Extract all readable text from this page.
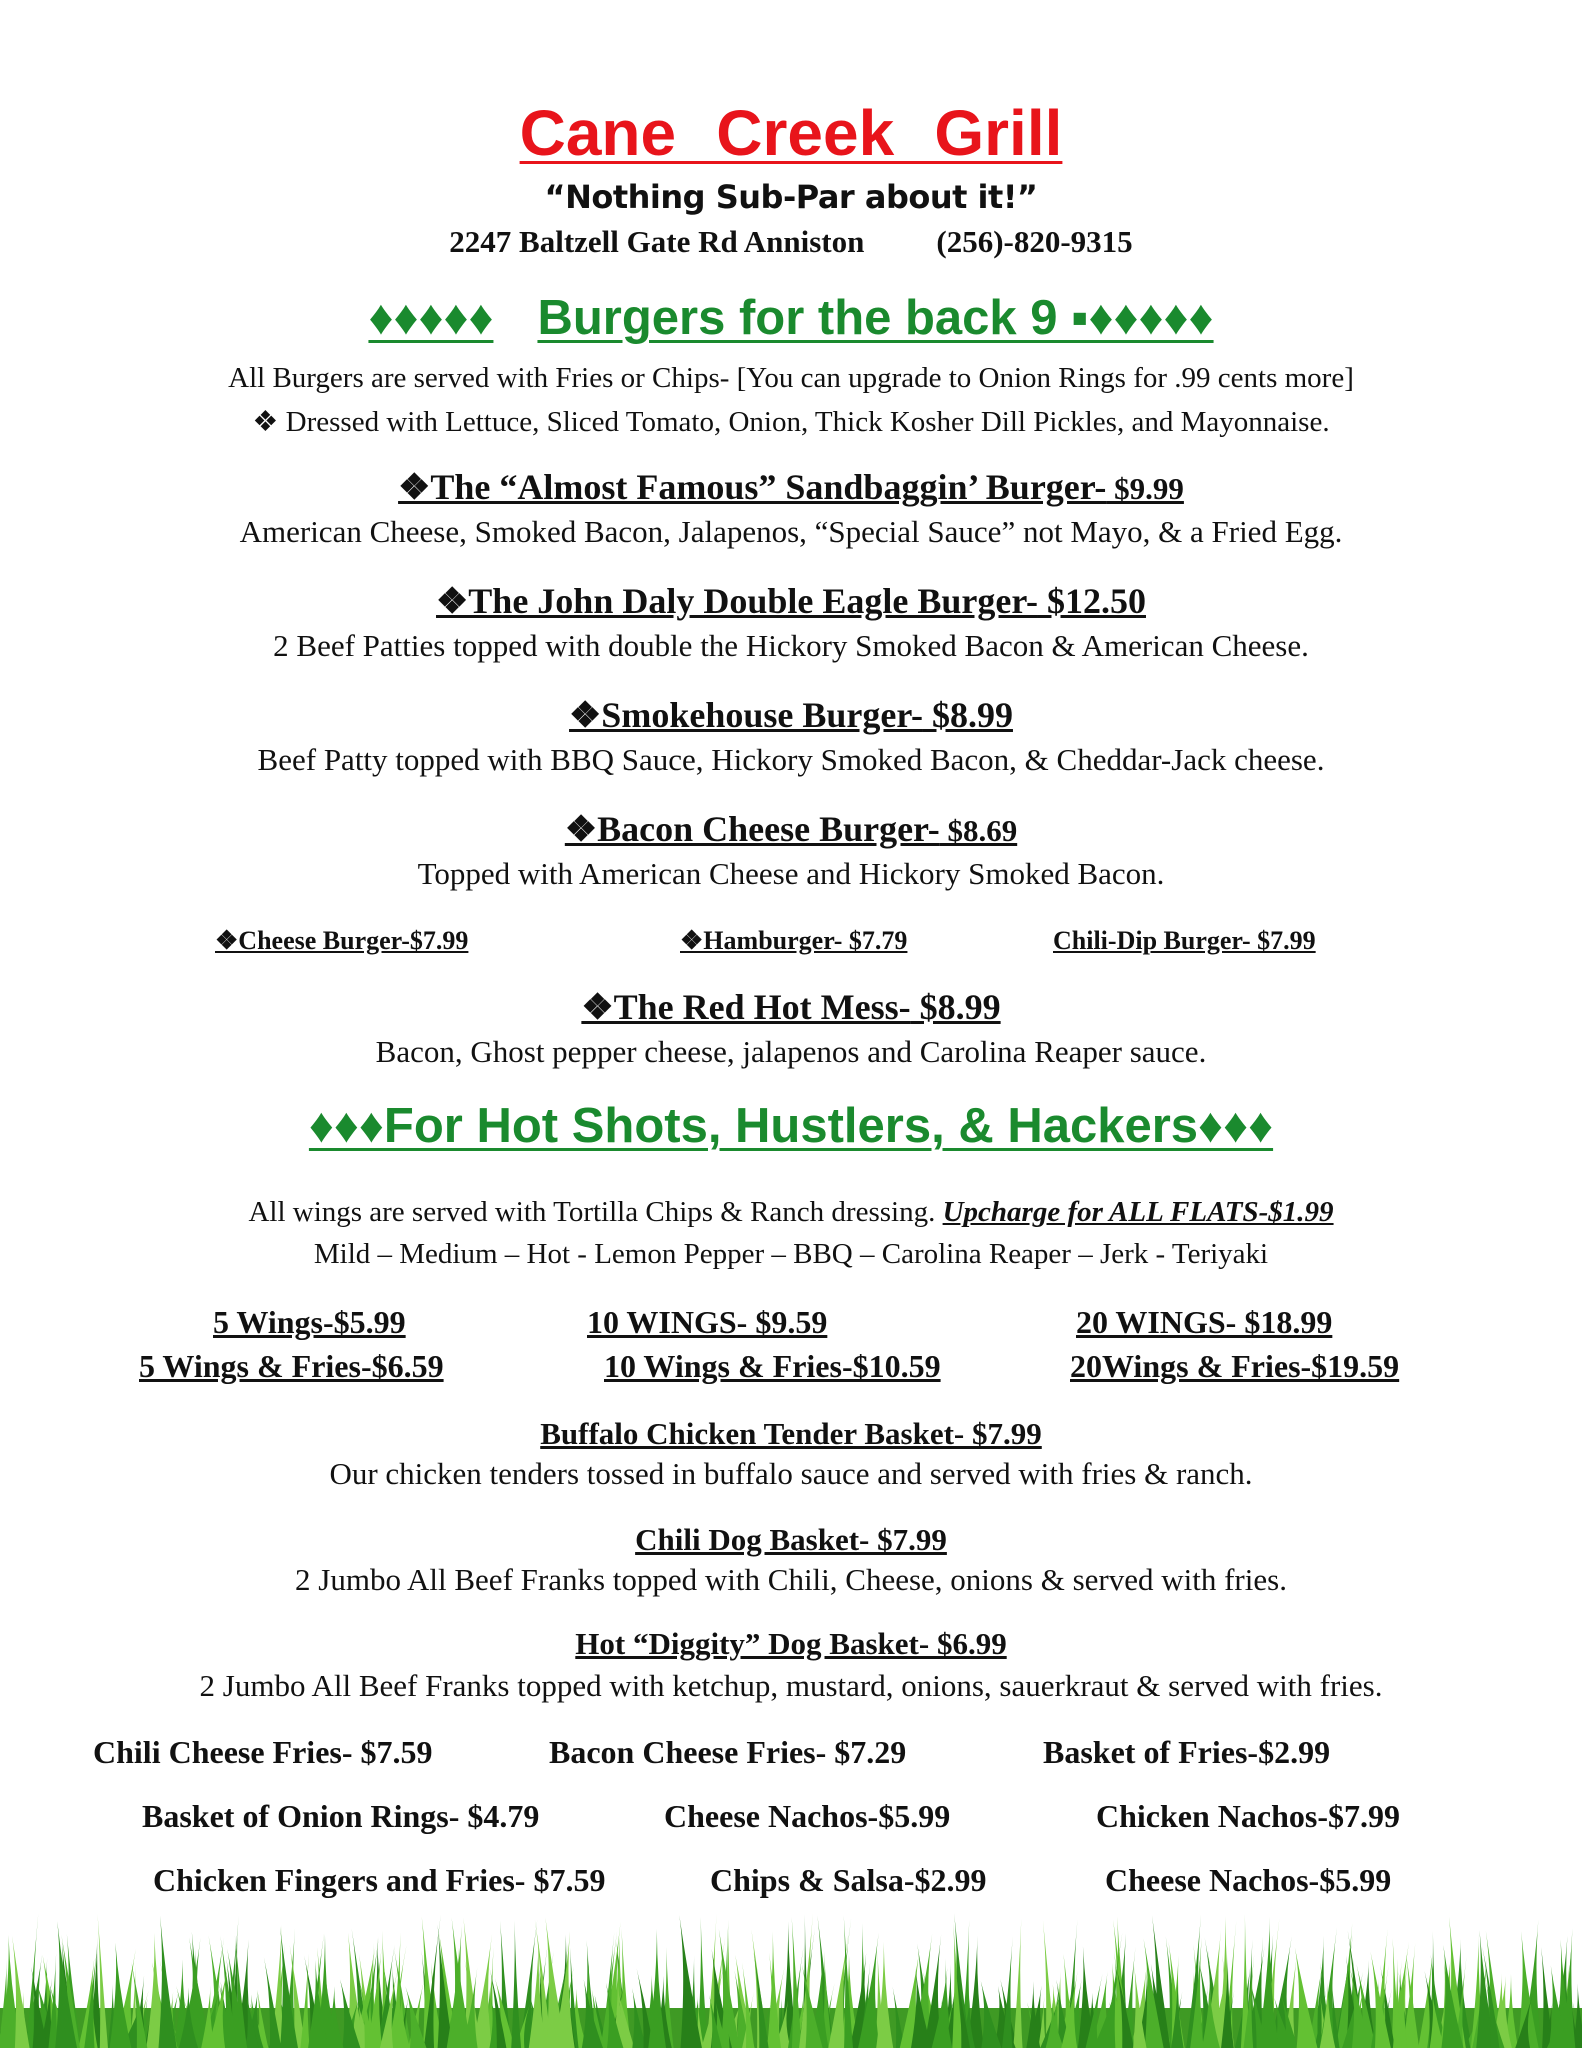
Cane Creek Grill
“Nothing Sub-Par about it!”
2247 Baltzell Gate Rd Anniston (256)-820-9315
♦♦♦♦♦ Burgers for the back 9 ▪♦♦♦♦♦
All Burgers are served with Fries or Chips- [You can upgrade to Onion Rings for .99 cents more]
❖ Dressed with Lettuce, Sliced Tomato, Onion, Thick Kosher Dill Pickles, and Mayonnaise.
❖The “Almost Famous” Sandbaggin’ Burger- $9.99
American Cheese, Smoked Bacon, Jalapenos, “Special Sauce” not Mayo, & a Fried Egg.
❖The John Daly Double Eagle Burger- $12.50
2 Beef Patties topped with double the Hickory Smoked Bacon & American Cheese.
❖Smokehouse Burger- $8.99
Beef Patty topped with BBQ Sauce, Hickory Smoked Bacon, & Cheddar-Jack cheese.
❖Bacon Cheese Burger- $8.69
Topped with American Cheese and Hickory Smoked Bacon.
❖Cheese Burger-$7.99	❖Hamburger- $7.79	Chili-Dip Burger- $7.99
❖The Red Hot Mess- $8.99
Bacon, Ghost pepper cheese, jalapenos and Carolina Reaper sauce.
♦♦♦For Hot Shots, Hustlers, & Hackers♦♦♦
All wings are served with Tortilla Chips & Ranch dressing. Upcharge for ALL FLATS-$1.99
Mild – Medium – Hot - Lemon Pepper – BBQ – Carolina Reaper – Jerk - Teriyaki
5 Wings-$5.99	10 WINGS- $9.59	20 WINGS- $18.99
5 Wings & Fries-$6.59	10 Wings & Fries-$10.59	20Wings & Fries-$19.59
Buffalo Chicken Tender Basket- $7.99
Our chicken tenders tossed in buffalo sauce and served with fries & ranch.
Chili Dog Basket- $7.99
2 Jumbo All Beef Franks topped with Chili, Cheese, onions & served with fries.
Hot “Diggity” Dog Basket- $6.99
2 Jumbo All Beef Franks topped with ketchup, mustard, onions, sauerkraut & served with fries.
Chili Cheese Fries- $7.59	Bacon Cheese Fries- $7.29	Basket of Fries-$2.99
Basket of Onion Rings- $4.79	Cheese Nachos-$5.99	Chicken Nachos-$7.99
Chicken Fingers and Fries- $7.59	Chips & Salsa-$2.99	Cheese Nachos-$5.99
